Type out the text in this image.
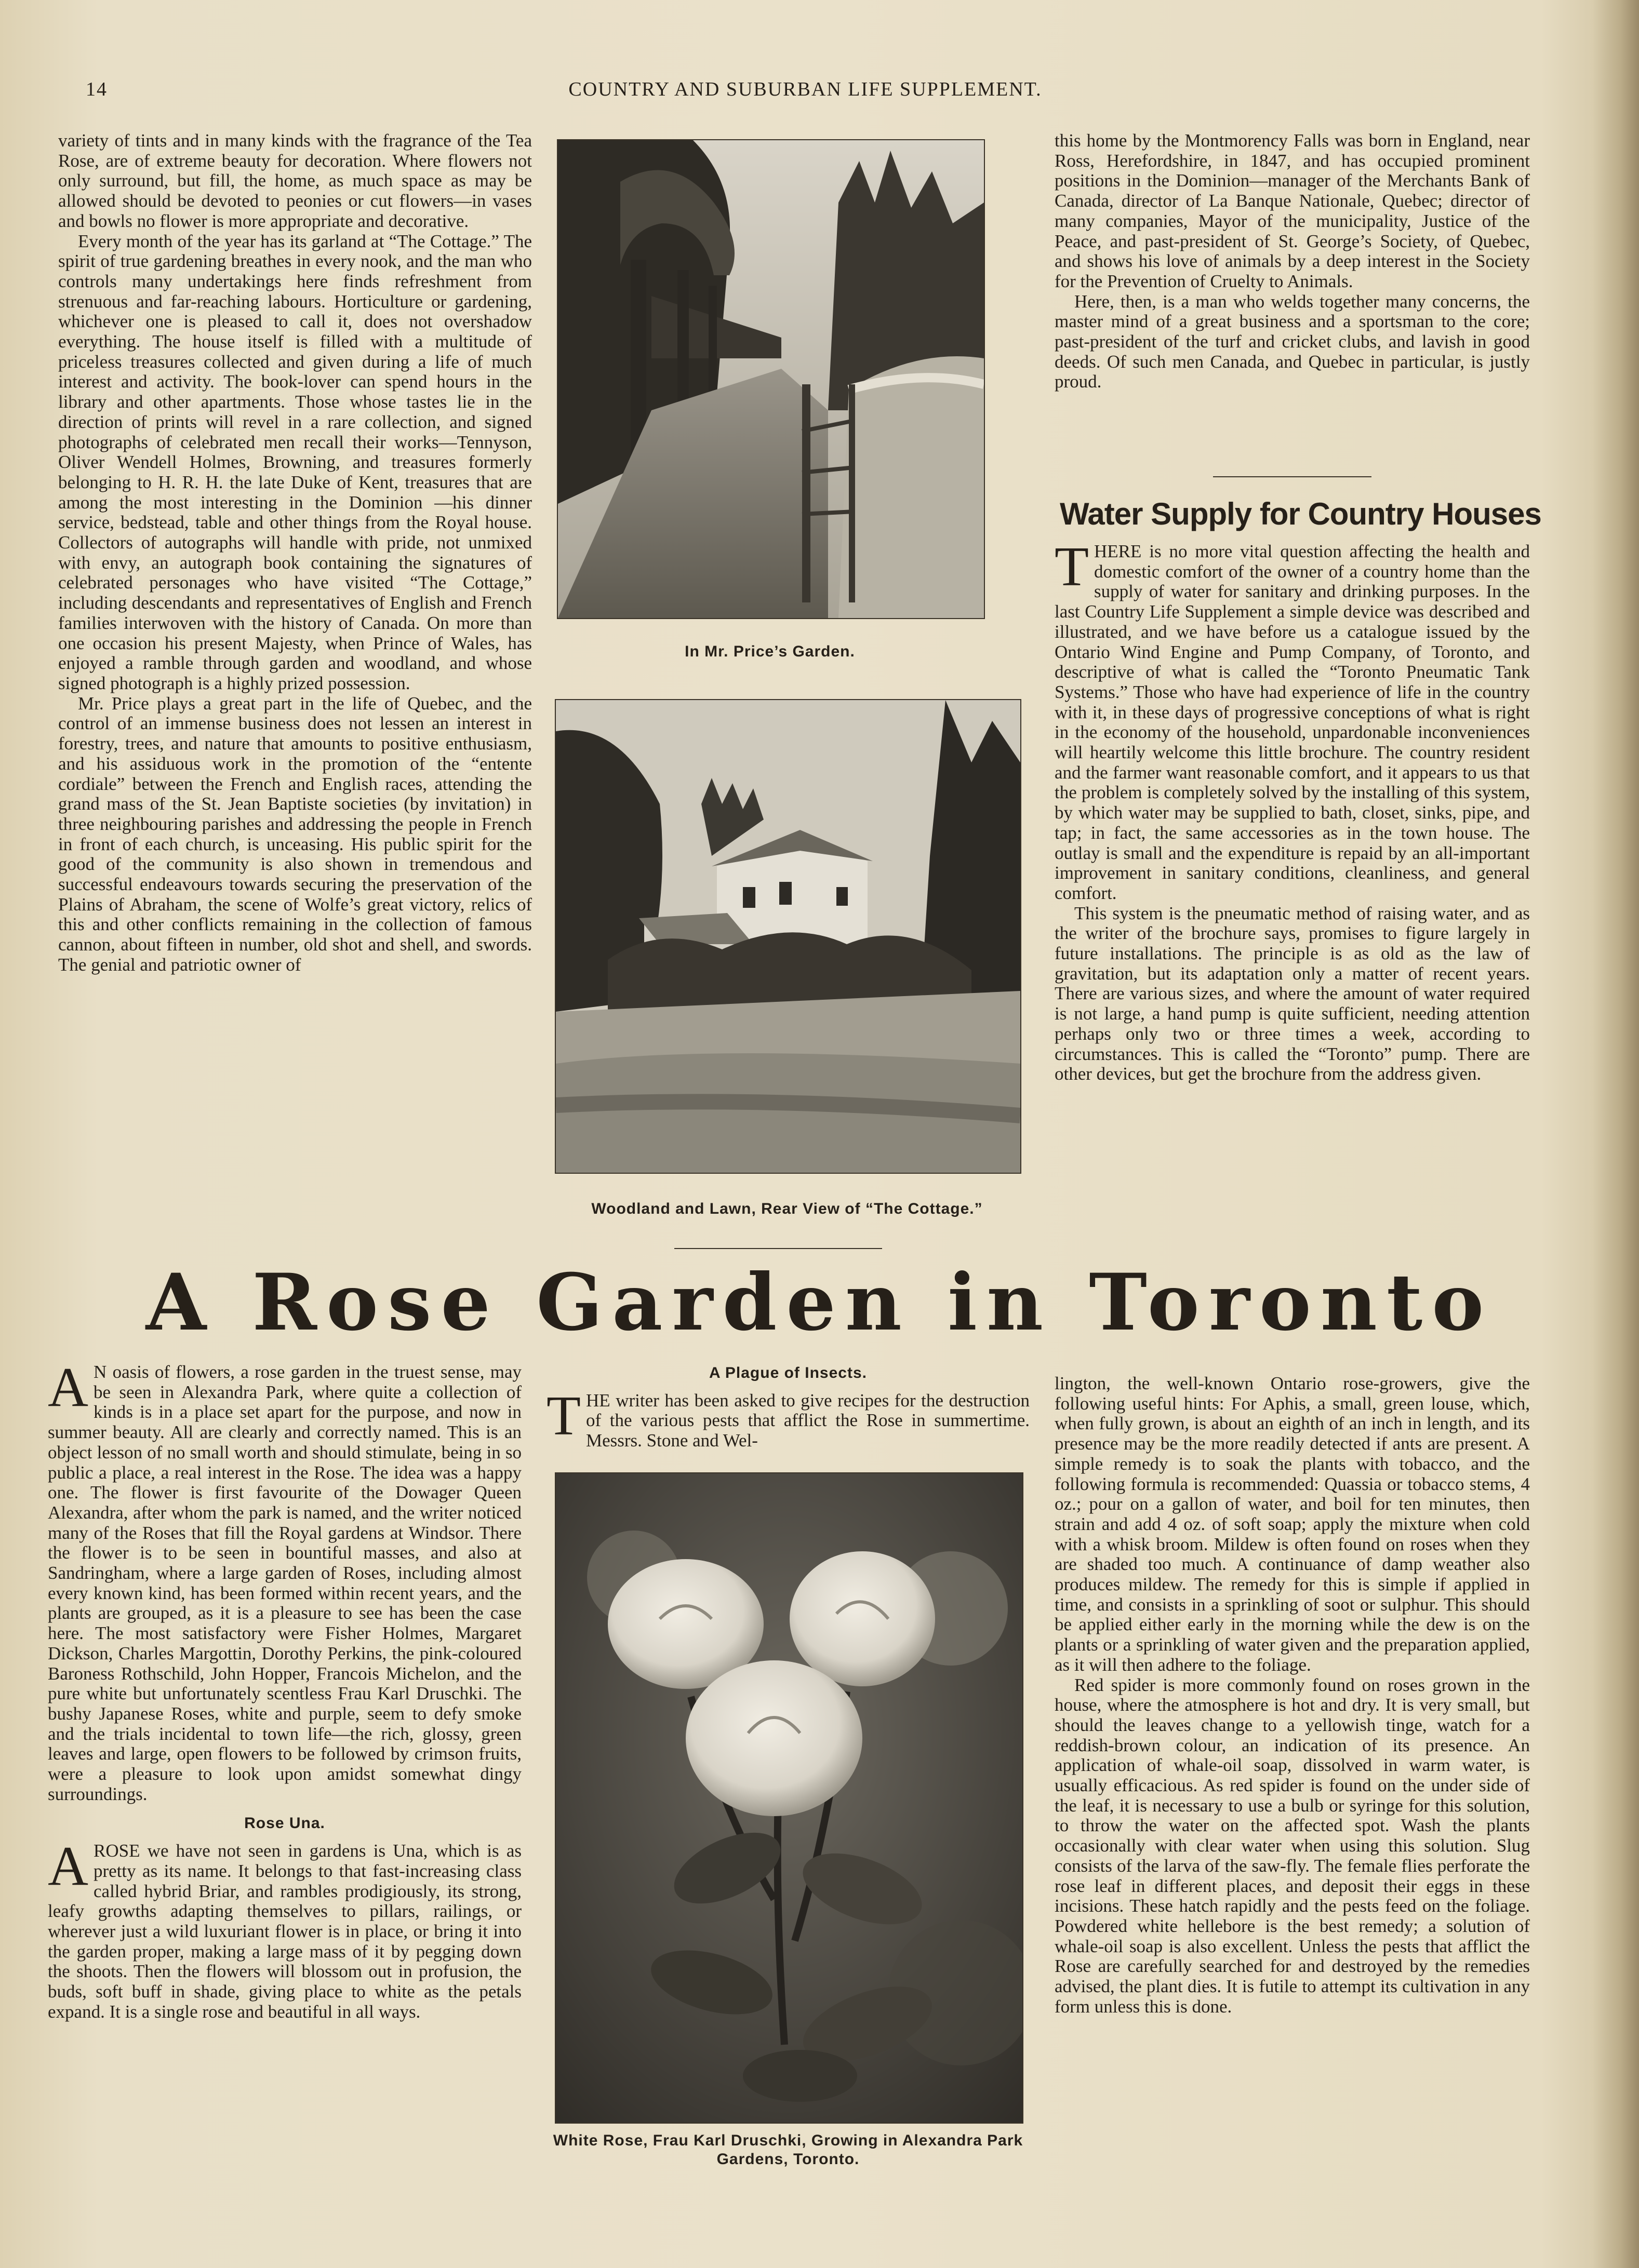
14	COUNTRY AND SUBURBAN LIFE SUPPLEMENT.

variety of tints and in many kinds with the fragrance of the Tea Rose, are of extreme beauty for decoration. Where flowers not only surround, but fill, the home, as much space as may be allowed should be devoted to peonies or cut flowers—in vases and bowls no flower is more appropriate and decorative.

Every month of the year has its garland at “The Cottage.” The spirit of true gardening breathes in every nook, and the man who controls many undertakings here finds refreshment from strenuous and far-reaching labours. Horticulture or gardening, whichever one is pleased to call it, does not overshadow everything. The house itself is filled with a multitude of priceless treasures collected and given during a life of much interest and activity. The book-lover can spend hours in the library and other apartments. Those whose tastes lie in the direction of prints will revel in a rare collection, and signed photographs of celebrated men recall their works—Tennyson, Oliver Wendell Holmes, Browning, and treasures formerly belonging to H. R. H. the late Duke of Kent, treasures that are among the most interesting in the Dominion —his dinner service, bedstead, table and other things from the Royal house. Collectors of autographs will handle with pride, not unmixed with envy, an autograph book containing the signatures of celebrated personages who have visited “The Cottage,” including descendants and representatives of English and French families interwoven with the history of Canada. On more than one occasion his present Majesty, when Prince of Wales, has enjoyed a ramble through garden and woodland, and whose signed photograph is a highly prized possession.

Mr. Price plays a great part in the life of Quebec, and the control of an immense business does not lessen an interest in forestry, trees, and nature that amounts to positive enthusiasm, and his assiduous work in the promotion of the “entente cordiale” between the French and English races, attending the grand mass of the St. Jean Baptiste societies (by invitation) in three neighbouring parishes and addressing the people in French in front of each church, is unceasing. His public spirit for the good of the community is also shown in tremendous and successful endeavours towards securing the preservation of the Plains of Abraham, the scene of Wolfe’s great victory, relics of this and other conflicts remaining in the collection of famous cannon, about fifteen in number, old shot and shell, and swords. The genial and patriotic owner of

In Mr. Price’s Garden.
Woodland and Lawn, Rear View of “The Cottage.”

this home by the Montmorency Falls was born in England, near Ross, Herefordshire, in 1847, and has occupied prominent positions in the Dominion—manager of the Merchants Bank of Canada, director of La Banque Nationale, Quebec; director of many companies, Mayor of the municipality, Justice of the Peace, and past-president of St. George’s Society, of Quebec, and shows his love of animals by a deep interest in the Society for the Prevention of Cruelty to Animals.

Here, then, is a man who welds together many concerns, the master mind of a great business and a sportsman to the core; past-president of the turf and cricket clubs, and lavish in good deeds. Of such men Canada, and Quebec in particular, is justly proud.

Water Supply for Country Houses
T HERE is no more vital question affecting the health and domestic comfort of the owner of a country home than the supply of water for sanitary and drinking purposes. In the last Country Life Supplement a simple device was described and illustrated, and we have before us a catalogue issued by the Ontario Wind Engine and Pump Company, of Toronto, and descriptive of what is called the “Toronto Pneumatic Tank Systems.” Those who have had experience of life in the country with it, in these days of progressive conceptions of what is right in the economy of the household, unpardonable inconveniences will heartily welcome this little brochure. The country resident and the farmer want reasonable comfort, and it appears to us that the problem is completely solved by the installing of this system, by which water may be supplied to bath, closet, sinks, pipe, and tap; in fact, the same accessories as in the town house. The outlay is small and the expenditure is repaid by an all-important improvement in sanitary conditions, cleanliness, and general comfort.

This system is the pneumatic method of raising water, and as the writer of the brochure says, promises to figure largely in future installations. The principle is as old as the law of gravitation, but its adaptation only a matter of recent years. There are various sizes, and where the amount of water required is not large, a hand pump is quite sufficient, needing attention perhaps only two or three times a week, according to circumstances. This is called the “Toronto” pump. There are other devices, but get the brochure from the address given.

A Rose Garden in Toronto
A N oasis of flowers, a rose garden in the truest sense, may be seen in Alexandra Park, where quite a collection of kinds is in a place set apart for the purpose, and now in summer beauty. All are clearly and correctly named. This is an object lesson of no small worth and should stimulate, being in so public a place, a real interest in the Rose. The idea was a happy one. The flower is first favourite of the Dowager Queen Alexandra, after whom the park is named, and the writer noticed many of the Roses that fill the Royal gardens at Windsor. There the flower is to be seen in bountiful masses, and also at Sandringham, where a large garden of Roses, including almost every known kind, has been formed within recent years, and the plants are grouped, as it is a pleasure to see has been the case here. The most satisfactory were Fisher Holmes, Margaret Dickson, Charles Margottin, Dorothy Perkins, the pink-coloured Baroness Rothschild, John Hopper, Francois Michelon, and the pure white but unfortunately scentless Frau Karl Druschki. The bushy Japanese Roses, white and purple, seem to defy smoke and the trials incidental to town life—the rich, glossy, green leaves and large, open flowers to be followed by crimson fruits, were a pleasure to look upon amidst somewhat dingy surroundings.

Rose Una.
A ROSE we have not seen in gardens is Una, which is as pretty as its name. It belongs to that fast-increasing class called hybrid Briar, and rambles prodigiously, its strong, leafy growths adapting themselves to pillars, railings, or wherever just a wild luxuriant flower is in place, or bring it into the garden proper, making a large mass of it by pegging down the shoots. Then the flowers will blossom out in profusion, the buds, soft buff in shade, giving place to white as the petals expand. It is a single rose and beautiful in all ways.

A Plague of Insects.
T HE writer has been asked to give recipes for the destruction of the various pests that afflict the Rose in summertime. Messrs. Stone and Wel-

White Rose, Frau Karl Druschki, Growing in Alexandra Park Gardens, Toronto.

lington, the well-known Ontario rose-growers, give the following useful hints: For Aphis, a small, green louse, which, when fully grown, is about an eighth of an inch in length, and its presence may be the more readily detected if ants are present. A simple remedy is to soak the plants with tobacco, and the following formula is recommended: Quassia or tobacco stems, 4 oz.; pour on a gallon of water, and boil for ten minutes, then strain and add 4 oz. of soft soap; apply the mixture when cold with a whisk broom. Mildew is often found on roses when they are shaded too much. A continuance of damp weather also produces mildew. The remedy for this is simple if applied in time, and consists in a sprinkling of soot or sulphur. This should be applied either early in the morning while the dew is on the plants or a sprinkling of water given and the preparation applied, as it will then adhere to the foliage.

Red spider is more commonly found on roses grown in the house, where the atmosphere is hot and dry. It is very small, but should the leaves change to a yellowish tinge, watch for a reddish-brown colour, an indication of its presence. An application of whale-oil soap, dissolved in warm water, is usually efficacious. As red spider is found on the under side of the leaf, it is necessary to use a bulb or syringe for this solution, to throw the water on the affected spot. Wash the plants occasionally with clear water when using this solution. Slug consists of the larva of the saw-fly. The female flies perforate the rose leaf in different places, and deposit their eggs in these incisions. These hatch rapidly and the pests feed on the foliage. Powdered white hellebore is the best remedy; a solution of whale-oil soap is also excellent. Unless the pests that afflict the Rose are carefully searched for and destroyed by the remedies advised, the plant dies. It is futile to attempt its cultivation in any form unless this is done.
